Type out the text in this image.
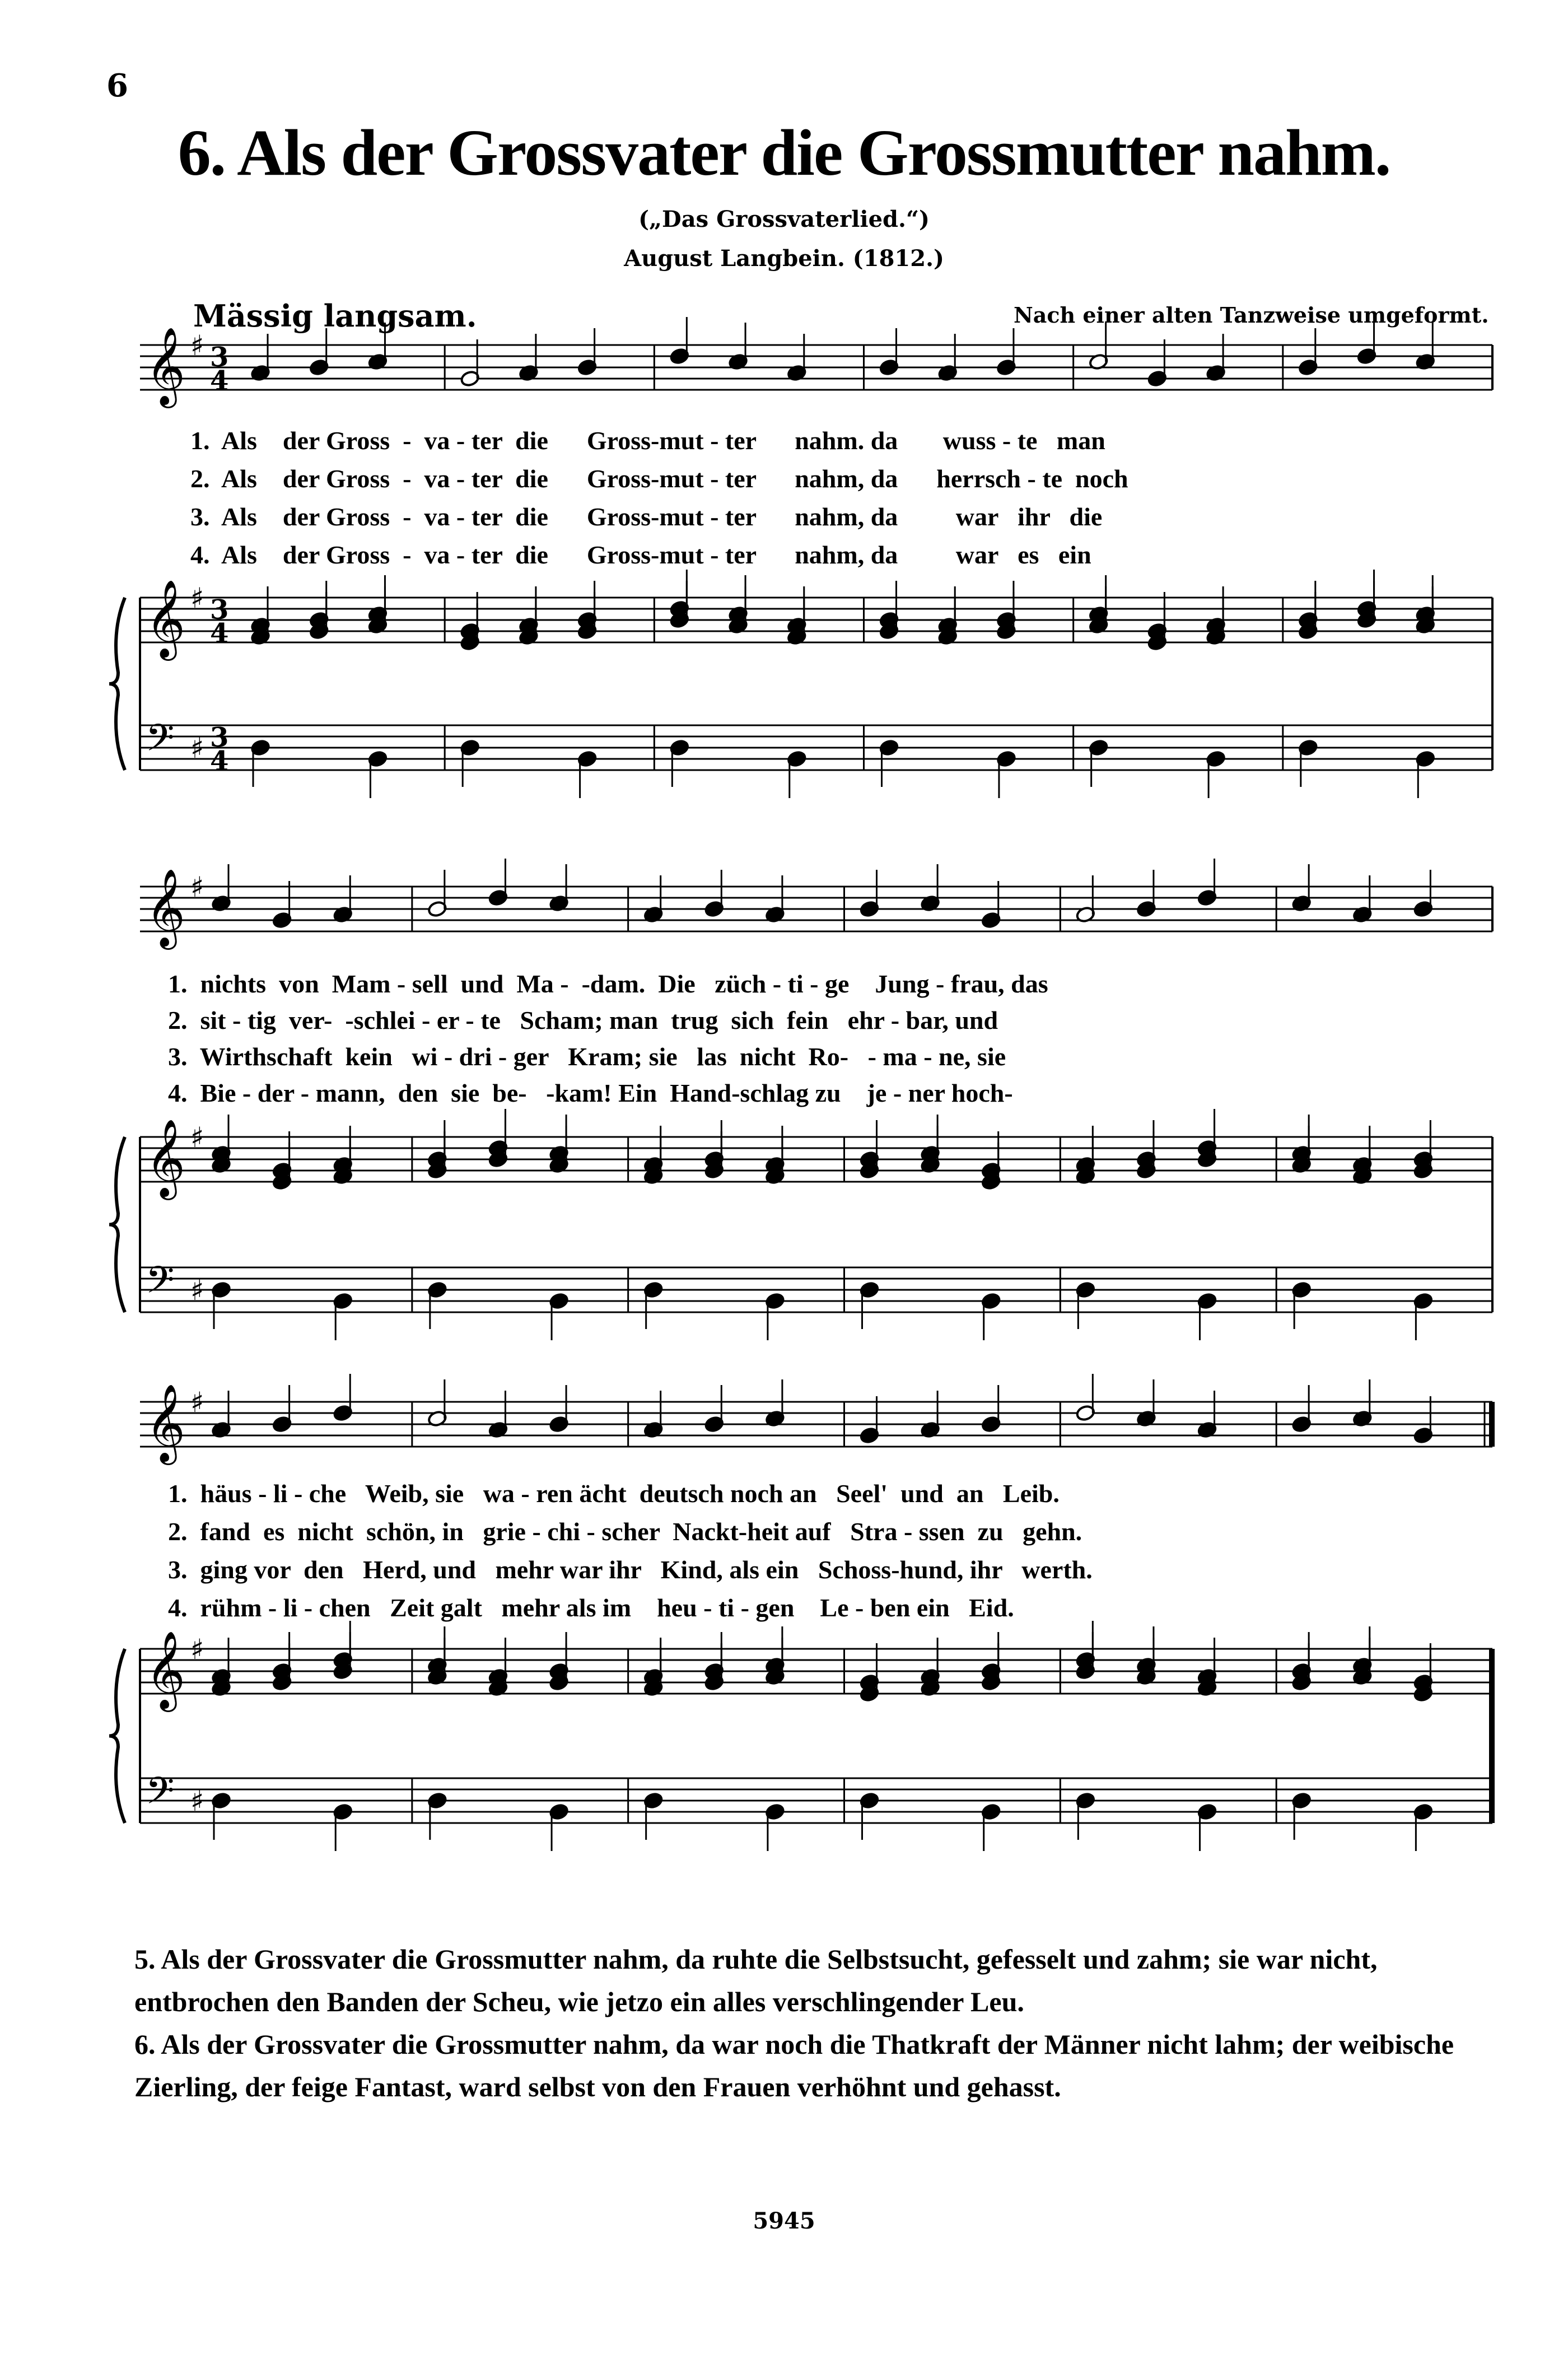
6
6. Als der Grossvater die Grossmutter nahm.
(„Das Grossvaterlied.“)
August Langbein. (1812.)
Mässig langsam.	Nach einer alten Tanzweise umgeformt.
𝄞
𝄞
𝄢
♯
♯
♯
3
4
3
4
3
4
𝄞
𝄞
𝄢
♯
♯
♯
𝄞
𝄞
𝄢
♯
♯
♯
1.  Als    der Gross  -  va - ter  die      Gross-mut - ter      nahm. da       wuss - te   man
2.  Als    der Gross  -  va - ter  die      Gross-mut - ter      nahm, da      herrsch - te  noch
3.  Als    der Gross  -  va - ter  die      Gross-mut - ter      nahm, da         war   ihr   die
4.  Als    der Gross  -  va - ter  die      Gross-mut - ter      nahm, da         war   es   ein
1.  nichts  von  Mam - sell  und  Ma -  -dam.  Die   züch - ti - ge    Jung - frau, das
2.  sit - tig  ver-  -schlei - er - te   Scham; man  trug  sich  fein   ehr - bar, und
3.  Wirthschaft  kein   wi - dri - ger   Kram; sie   las  nicht  Ro-   - ma - ne, sie
4.  Bie - der - mann,  den  sie  be-   -kam! Ein  Hand-schlag zu    je - ner hoch-
1.  häus - li - che   Weib, sie   wa - ren ächt  deutsch noch an   Seel'  und  an   Leib.
2.  fand  es  nicht  schön, in   grie - chi - scher  Nackt-heit auf   Stra - ssen  zu   gehn.
3.  ging vor  den   Herd, und   mehr war ihr   Kind, als ein   Schoss-hund, ihr   werth.
4.  rühm - li - chen   Zeit galt   mehr als im    heu - ti - gen    Le - ben ein   Eid.
5. Als der Grossvater die Grossmutter nahm, da ruhte die Selbstsucht, gefesselt und zahm; sie war nicht, entbrochen den Banden der Scheu, wie jetzo ein alles verschlingender Leu.
6. Als der Grossvater die Grossmutter nahm, da war noch die Thatkraft der Männer nicht lahm; der weibische Zierling, der feige Fantast, ward selbst von den Frauen verhöhnt und gehasst.
5945
